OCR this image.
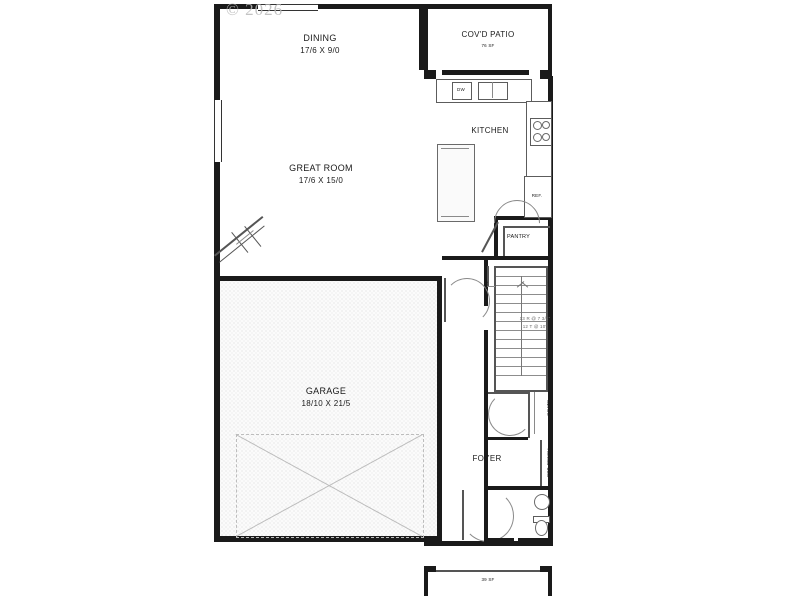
DINING
17/6 X 9/0
GREAT ROOM
17/6 X 15/0
GARAGE
18/10 X 21/5
COV'D PATIO
76 SF
KITCHEN
FOYER
39 SF
PANTRY
DW
REF.
COATS
LIN.
OPT. BENCH
13 R @ 7 3/4"
12 T @ 10"
© 2026
